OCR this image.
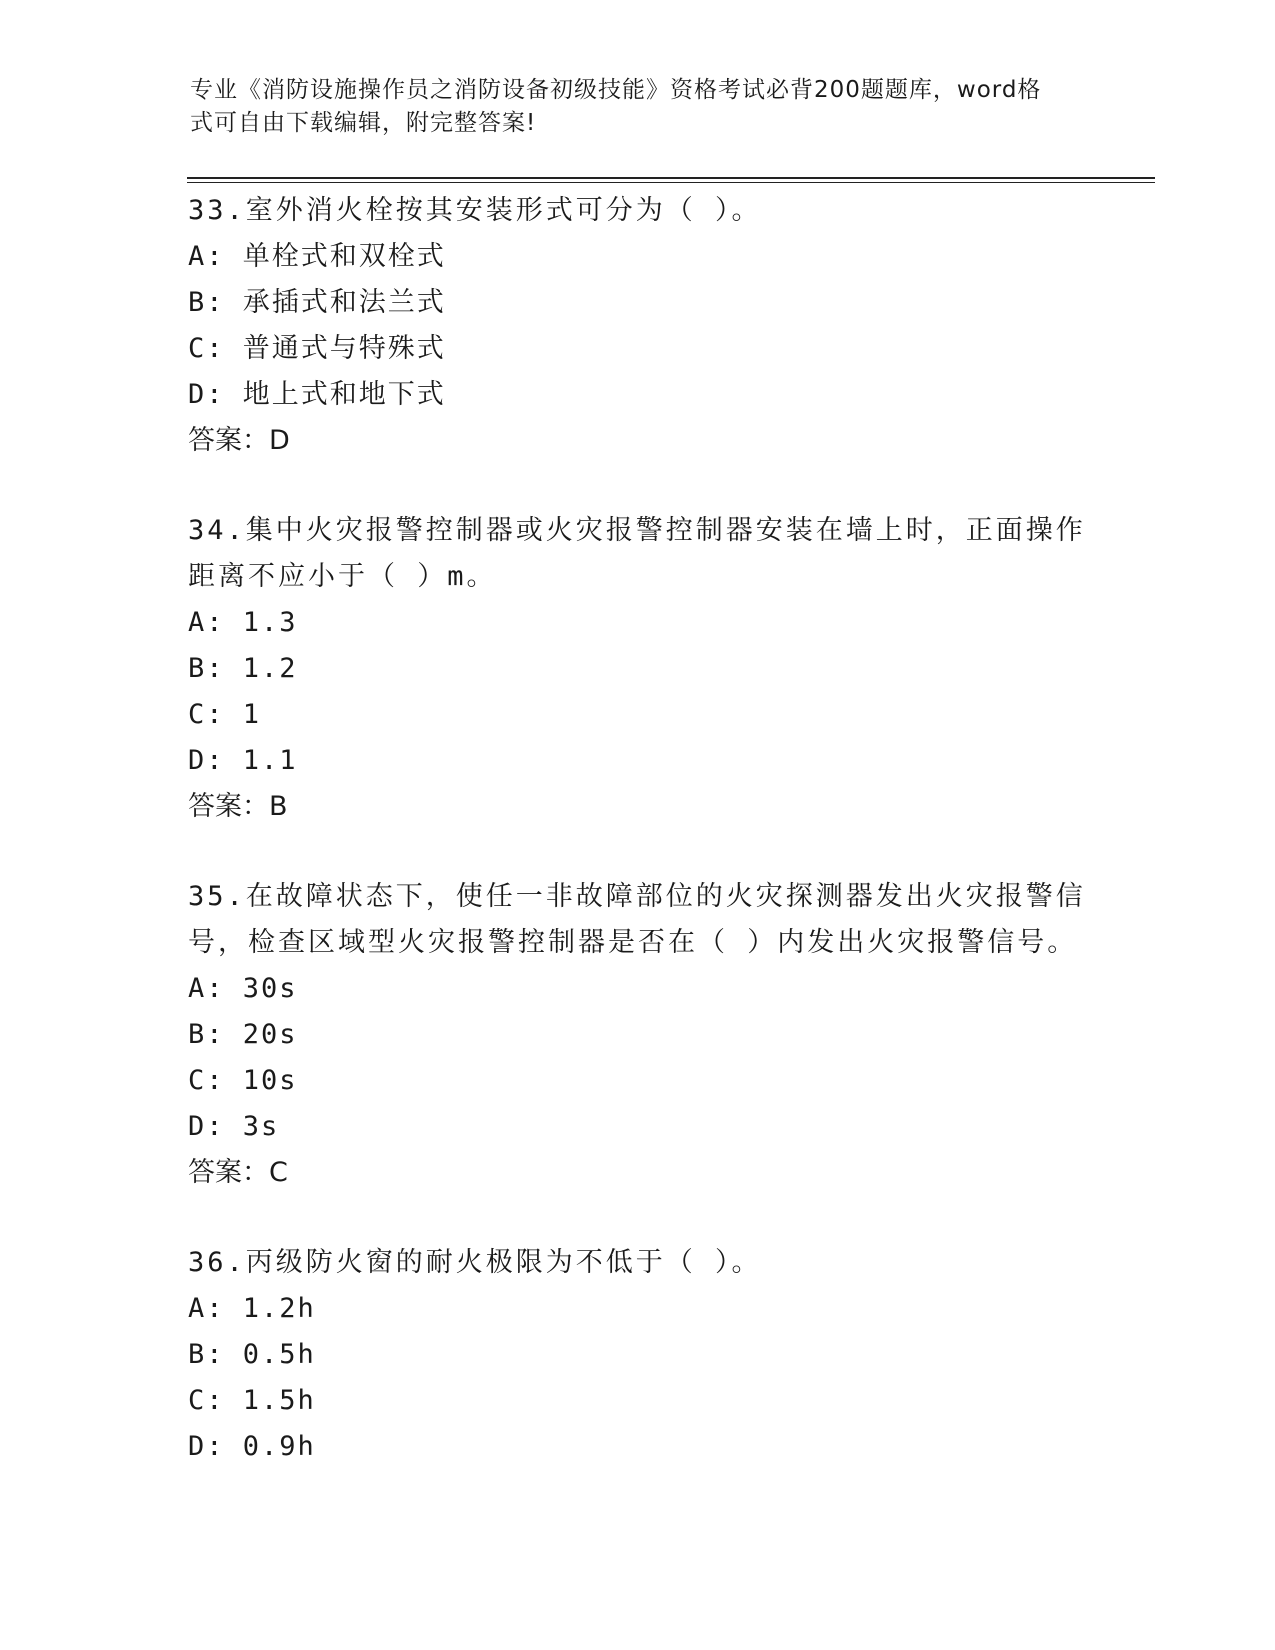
专业《消防设施操作员之消防设备初级技能》资格考试必背200题题库，word格
式可自由下载编辑，附完整答案!

33.室外消火栓按其安装形式可分为（ ）。

A: 单栓式和双栓式

B: 承插式和法兰式

C: 普通式与特殊式

D: 地上式和地下式

答案：D

34.集中火灾报警控制器或火灾报警控制器安装在墙上时，正面操作距离不应小于（ ）m。

A: 1.3

B: 1.2

C: 1

D: 1.1

答案：B

35.在故障状态下，使任一非故障部位的火灾探测器发出火灾报警信号，检查区域型火灾报警控制器是否在（ ）内发出火灾报警信号。

A: 30s

B: 20s

C: 10s

D: 3s

答案：C

36.丙级防火窗的耐火极限为不低于（ ）。

A: 1.2h

B: 0.5h

C: 1.5h

D: 0.9h
